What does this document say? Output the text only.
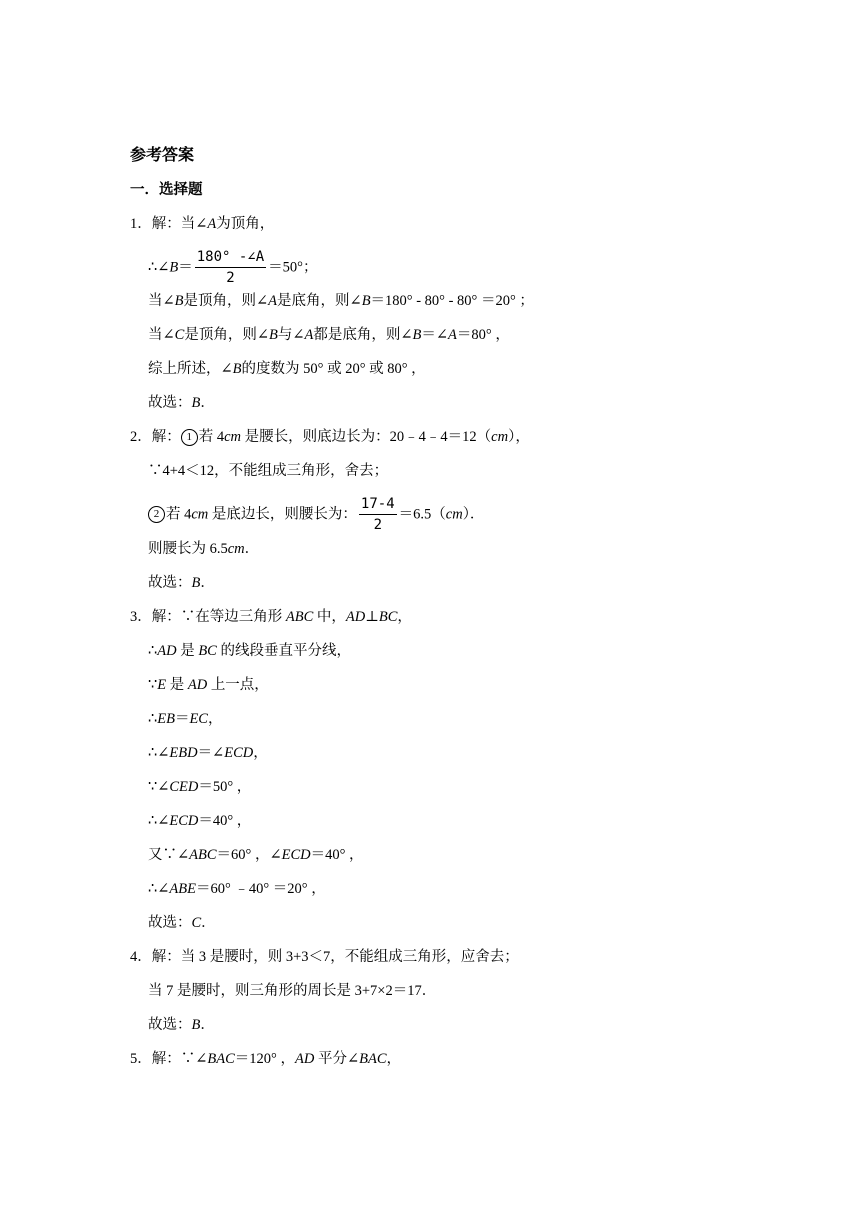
参考答案
一．选择题
1．解：当∠A为顶角，
∴∠B＝ $\frac{180^\circ -\angle A}{2} =50^\circ$；
当∠B是顶角，则∠A是底角，则∠B＝180° - 80° - 80° ＝20° ；
当∠C是顶角，则∠B与∠A都是底角，则∠B＝∠A＝80° ，
综上所述，∠B的度数为 50° 或 20° 或 80° ，
故选：B．
2．解： 1 若 4cm 是腰长，则底边长为：20﹣4﹣4＝12（cm），
∵4+4＜12，不能组成三角形，舍去；
2 若 4cm 是底边长，则腰长为： $\frac{17-4}{2} =6.5(cm)$．
则腰长为 6.5cm．
故选：B．
3．解：∵在等边三角形 ABC 中，AD⊥BC，
∴AD 是 BC 的线段垂直平分线，
∵E 是 AD 上一点，
∴EB＝EC，
∴∠EBD＝∠ECD，
∵∠CED＝50° ，
∴∠ECD＝40° ，
又∵∠ABC＝60° ，∠ECD＝40° ，
∴∠ABE＝60° ﹣40° ＝20° ，
故选：C．
4．解：当 3 是腰时，则 3+3＜7，不能组成三角形，应舍去；
当 7 是腰时，则三角形的周长是 3+7×2＝17．
故选：B．
5．解：∵∠BAC＝120° ，AD 平分∠BAC，
